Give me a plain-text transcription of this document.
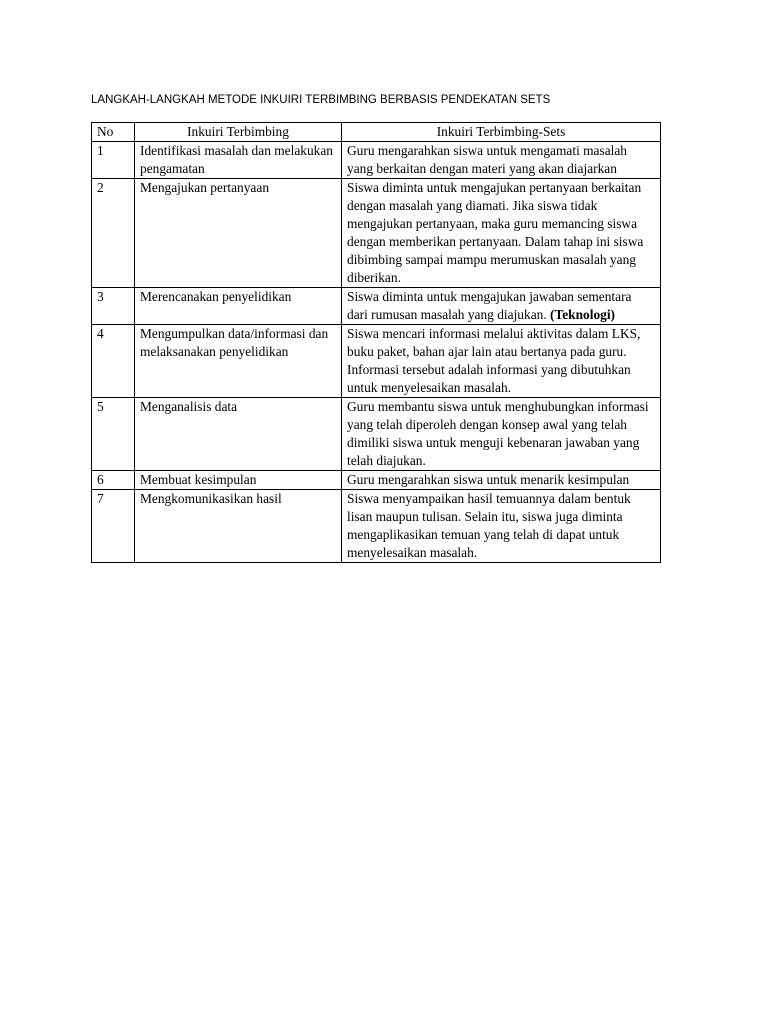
LANGKAH-LANGKAH METODE INKUIRI TERBIMBING BERBASIS PENDEKATAN SETS
No	Inkuiri Terbimbing	Inkuiri Terbimbing-Sets
1	Identifikasi masalah dan melakukan pengamatan	Guru mengarahkan siswa untuk mengamati masalah yang berkaitan dengan materi yang akan diajarkan
2	Mengajukan pertanyaan	Siswa diminta untuk mengajukan pertanyaan berkaitan dengan masalah yang diamati. Jika siswa tidak mengajukan pertanyaan, maka guru memancing siswa dengan memberikan pertanyaan. Dalam tahap ini siswa dibimbing sampai mampu merumuskan masalah yang diberikan.
3	Merencanakan penyelidikan	Siswa diminta untuk mengajukan jawaban sementara dari rumusan masalah yang diajukan. (Teknologi)
4	Mengumpulkan data/informasi dan melaksanakan penyelidikan	Siswa mencari informasi melalui aktivitas dalam LKS, buku paket, bahan ajar lain atau bertanya pada guru. Informasi tersebut adalah informasi yang dibutuhkan untuk menyelesaikan masalah.
5	Menganalisis data	Guru membantu siswa untuk menghubungkan informasi yang telah diperoleh dengan konsep awal yang telah dimiliki siswa untuk menguji kebenaran jawaban yang telah diajukan.
6	Membuat kesimpulan	Guru mengarahkan siswa untuk menarik kesimpulan
7	Mengkomunikasikan hasil	Siswa menyampaikan hasil temuannya dalam bentuk lisan maupun tulisan. Selain itu, siswa juga diminta mengaplikasikan temuan yang telah di dapat untuk menyelesaikan masalah.
